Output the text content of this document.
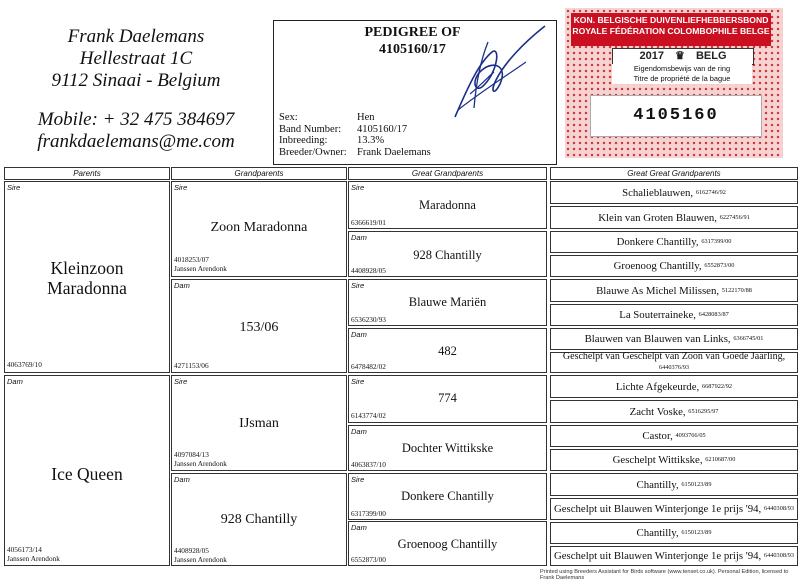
Frank Daelemans
Hellestraat 1C
9112 Sinaai - Belgium
Mobile: + 32 475 384697
frankdaelemans@me.com
PEDIGREE OF
4105160/17
Sex:	Hen
Band Number:	4105160/17
Inbreeding:	13.3%
Breeder/Owner: Frank Daelemans
KON. BELGISCHE DUIVENLIEFHEBBERSBOND
ROYALE FÉDÉRATION COLOMBOPHILE BELGE
2017 ♛ BELG
Eigendomsbewijs van de ring
Titre de propriété de la bague
4105160
Parents	Grandparents	Great Grandparents	Great Great Grandparents
Sire
Kleinzoon
Maradonna
4063769/10
Dam
Ice Queen
4056173/14
Janssen Arendonk
Sire
Zoon Maradonna
4018253/07
Janssen Arendonk
Dam
153/06
4271153/06
Sire
IJsman
4097084/13
Janssen Arendonk
Dam
928 Chantilly
4408928/05
Janssen Arendonk
Sire
Maradonna
6366619/01
Dam
928 Chantilly
4408928/05
Sire
Blauwe Mariën
6536230/93
Dam
482
6478482/02
Sire
774
6143774/02
Dam
Dochter Wittikske
4063837/10
Sire
Donkere Chantilly
6317399/00
Dam
Groenoog Chantilly
6552873/00
Schalieblauwen,
6162746/92
Klein van Groten Blauwen,
6227456/91
Donkere Chantilly,
6317399/00
Groenoog Chantilly,
6552873/00
Blauwe As Michel Milissen,
5122170/88
La Souterraineke,
6428083/87
Blauwen van Blauwen van Links,
6366745/01
Geschelpt van Geschelpt van Zoon van Goede Jaarling,
6440376/93
Lichte Afgekeurde,
6687922/92
Zacht Voske,
6516295/97
Castor,
4093766/05
Geschelpt Wittikske,
6210687/00
Chantilly,
6150123/89
Geschelpt uit Blauwen Winterjonge 1e prijs '94,
6440308/93
Chantilly,
6150123/89
Geschelpt uit Blauwen Winterjonge 1e prijs '94,
6440308/93
Printed using Breeders Assistant for Birds software (www.tenset.co.uk). Personal Edition, licensed to Frank Daelemans
